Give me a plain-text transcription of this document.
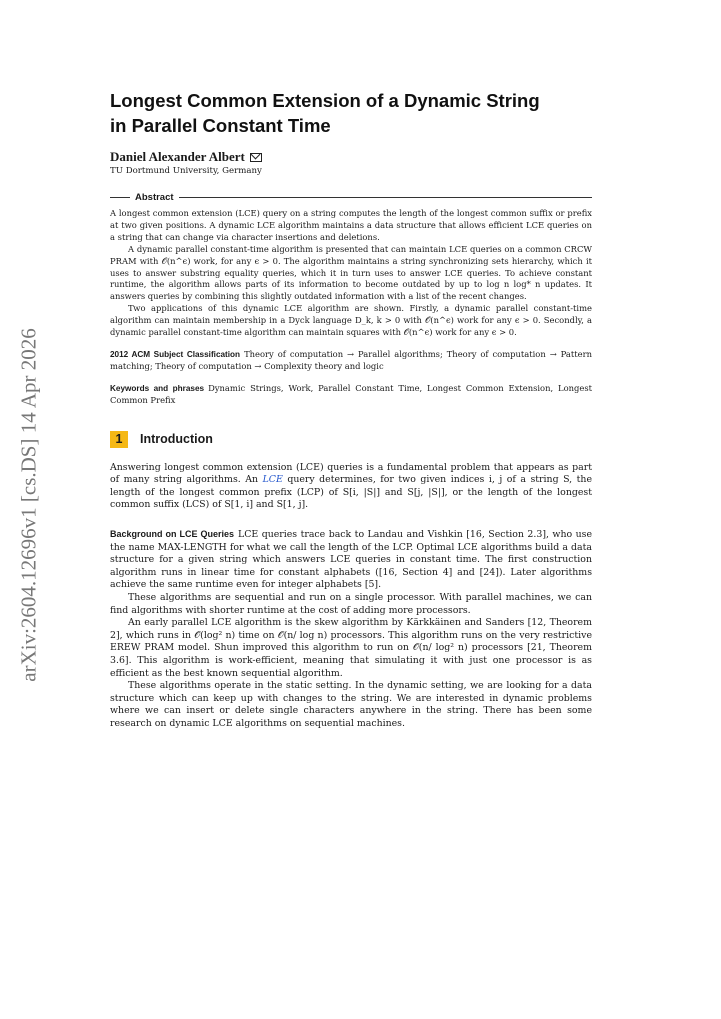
arXiv:2604.12696v1 [cs.DS] 14 Apr 2026
Longest Common Extension of a Dynamic String
in Parallel Constant Time
Daniel Alexander Albert
TU Dortmund University, Germany
Abstract

A longest common extension (LCE) query on a string computes the length of the longest common suffix or prefix at two given positions. A dynamic LCE algorithm maintains a data structure that allows efficient LCE queries on a string that can change via character insertions and deletions.

A dynamic parallel constant-time algorithm is presented that can maintain LCE queries on a common CRCW PRAM with 𝒪(n^ϵ) work, for any ϵ > 0. The algorithm maintains a string synchronizing sets hierarchy, which it uses to answer substring equality queries, which it in turn uses to answer LCE queries. To achieve constant runtime, the algorithm allows parts of its information to become outdated by up to log n log* n updates. It answers queries by combining this slightly outdated information with a list of the recent changes.

Two applications of this dynamic LCE algorithm are shown. Firstly, a dynamic parallel constant-time algorithm can maintain membership in a Dyck language D_k, k > 0 with 𝒪(n^ϵ) work for any ϵ > 0. Secondly, a dynamic parallel constant-time algorithm can maintain squares with 𝒪(n^ϵ) work for any ϵ > 0.

2012 ACM Subject Classification Theory of computation → Parallel algorithms; Theory of computation → Pattern matching; Theory of computation → Complexity theory and logic
Keywords and phrases Dynamic Strings, Work, Parallel Constant Time, Longest Common Extension, Longest Common Prefix
1	Introduction

Answering longest common extension (LCE) queries is a fundamental problem that appears as part of many string algorithms. An LCE query determines, for two given indices i, j of a string S, the length of the longest common prefix (LCP) of S[i, |S|] and S[j, |S|], or the length of the longest common suffix (LCS) of S[1, i] and S[1, j].

Background on LCE Queries LCE queries trace back to Landau and Vishkin [16, Section 2.3], who use the name MAX-LENGTH for what we call the length of the LCP. Optimal LCE algorithms build a data structure for a given string which answers LCE queries in constant time. The first construction algorithm runs in linear time for constant alphabets ([16, Section 4] and [24]). Later algorithms achieve the same runtime even for integer alphabets [5].

These algorithms are sequential and run on a single processor. With parallel machines, we can find algorithms with shorter runtime at the cost of adding more processors.

An early parallel LCE algorithm is the skew algorithm by Kärkkäinen and Sanders [12, Theorem 2], which runs in 𝒪(log² n) time on 𝒪(n/ log n) processors. This algorithm runs on the very restrictive EREW PRAM model. Shun improved this algorithm to run on 𝒪(n/ log² n) processors [21, Theorem 3.6]. This algorithm is work-efficient, meaning that simulating it with just one processor is as efficient as the best known sequential algorithm.

These algorithms operate in the static setting. In the dynamic setting, we are looking for a data structure which can keep up with changes to the string. We are interested in dynamic problems where we can insert or delete single characters anywhere in the string. There has been some research on dynamic LCE algorithms on sequential machines.
